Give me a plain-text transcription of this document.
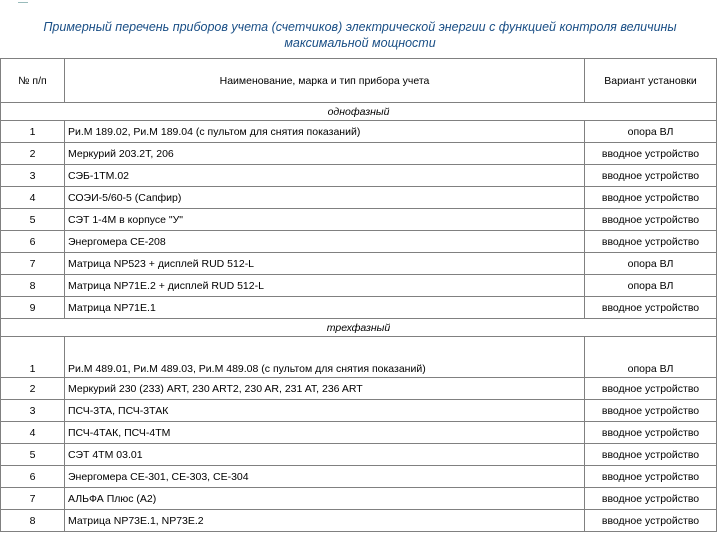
Примерный перечень приборов учета (счетчиков) электрической энергии с функцией контроля величины максимальной мощности
№ п/п	Наименование, марка и тип прибора учета	Вариант установки
однофазный		
1	Ри.М 189.02, Ри.М 189.04 (с пультом для снятия показаний)	опора ВЛ
2	Меркурий 203.2Т, 206	вводное устройство
3	СЭБ-1ТМ.02	вводное устройство
4	СОЭИ-5/60-5 (Сапфир)	вводное устройство
5	СЭТ 1-4М в корпусе "У"	вводное устройство
6	Энергомера СЕ-208	вводное устройство
7	Матрица NP523 + дисплей RUD 512-L	опора ВЛ
8	Матрица NP71E.2 + дисплей RUD 512-L	опора ВЛ
9	Матрица NP71E.1	вводное устройство
трехфазный		
1	Ри.М 489.01, Ри.М 489.03, Ри.М 489.08 (с пультом для снятия показаний)	опора ВЛ
2	Меркурий 230 (233) ART, 230 ART2, 230 AR, 231 AT, 236 ART	вводное устройство
3	ПСЧ-3ТА, ПСЧ-3ТАК	вводное устройство
4	ПСЧ-4ТАК, ПСЧ-4ТМ	вводное устройство
5	СЭТ 4ТМ 03.01	вводное устройство
6	Энергомера СЕ-301, СЕ-303, СЕ-304	вводное устройство
7	АЛЬФА Плюс (А2)	вводное устройство
8	Матрица NP73E.1, NP73E.2	вводное устройство
